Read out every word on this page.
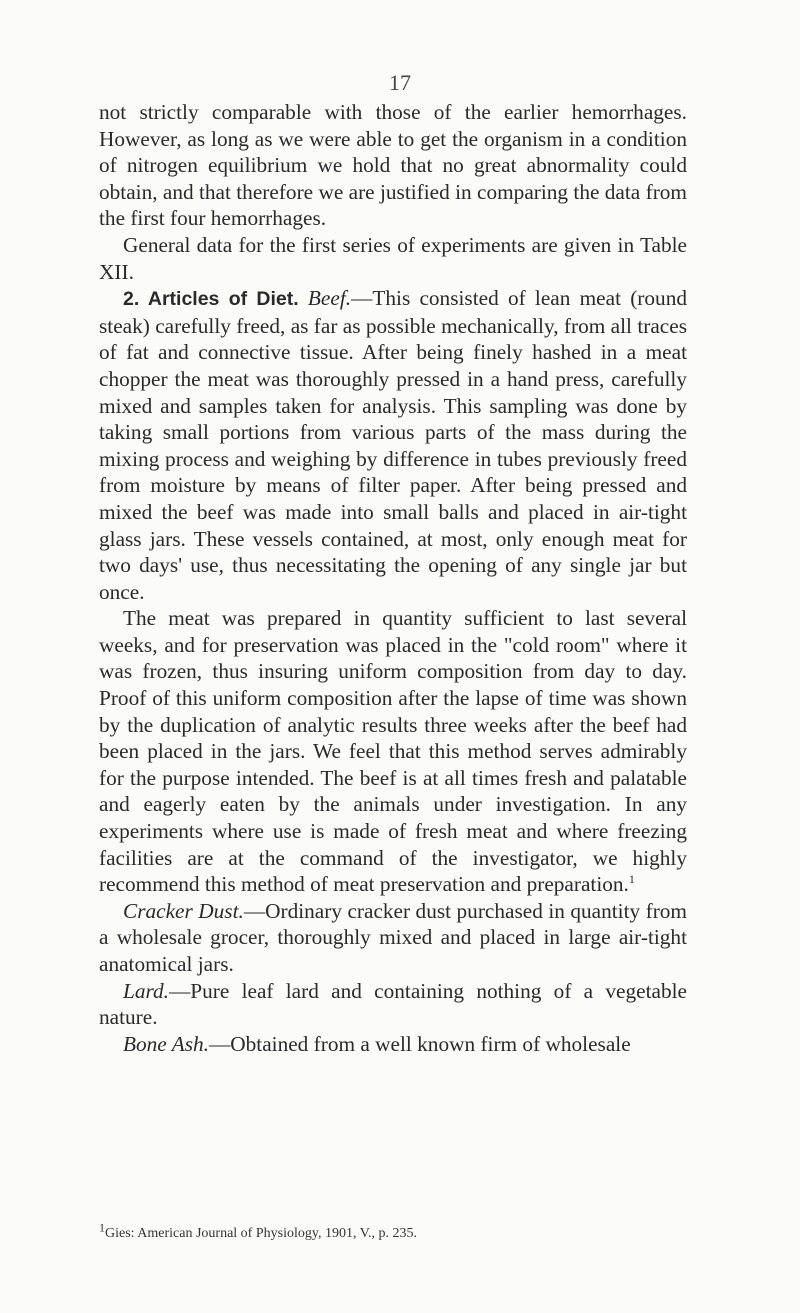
17

not strictly comparable with those of the earlier hemorrhages. However, as long as we were able to get the organism in a condition of nitrogen equilibrium we hold that no great abnormality could obtain, and that therefore we are justified in comparing the data from the first four hemorrhages.

General data for the first series of experiments are given in Table XII.

2. Articles of Diet. Beef.—This consisted of lean meat (round steak) carefully freed, as far as possible mechanically, from all traces of fat and connective tissue. After being finely hashed in a meat chopper the meat was thoroughly pressed in a hand press, carefully mixed and samples taken for analysis. This sampling was done by taking small portions from various parts of the mass during the mixing process and weighing by difference in tubes previously freed from moisture by means of filter paper. After being pressed and mixed the beef was made into small balls and placed in air-tight glass jars. These vessels contained, at most, only enough meat for two days' use, thus necessitating the opening of any single jar but once.

The meat was prepared in quantity sufficient to last several weeks, and for preservation was placed in the "cold room" where it was frozen, thus insuring uniform composition from day to day. Proof of this uniform composition after the lapse of time was shown by the duplication of analytic results three weeks after the beef had been placed in the jars. We feel that this method serves admirably for the purpose intended. The beef is at all times fresh and palatable and eagerly eaten by the animals under investigation. In any experiments where use is made of fresh meat and where freezing facilities are at the command of the investigator, we highly recommend this method of meat preservation and preparation.$^1$

Cracker Dust.—Ordinary cracker dust purchased in quantity from a wholesale grocer, thoroughly mixed and placed in large air-tight anatomical jars.

Lard.—Pure leaf lard and containing nothing of a vegetable nature.

Bone Ash.—Obtained from a well known firm of wholesale

$^1$Gies: American Journal of Physiology, 1901, V., p. 235.
